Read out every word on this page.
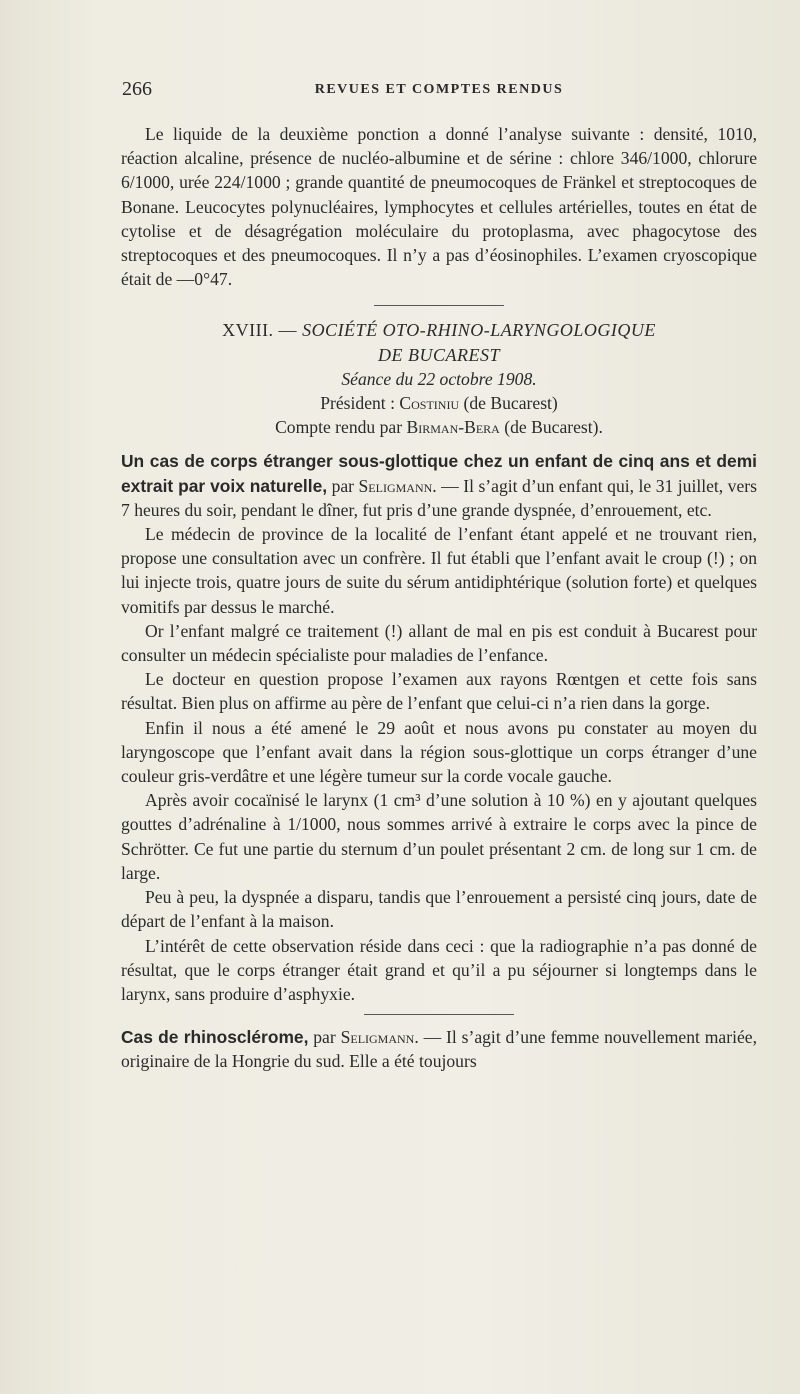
266	REVUES ET COMPTES RENDUS

Le liquide de la deuxième ponction a donné l’analyse suivante : densité, 1010, réaction alcaline, présence de nucléo-albumine et de sérine : chlore 346/1000, chlorure 6/1000, urée 224/1000 ; grande quantité de pneumocoques de Fränkel et streptocoques de Bonane. Leucocytes polynucléaires, lymphocytes et cellules artérielles, toutes en état de cytolise et de désagrégation moléculaire du protoplasma, avec phagocytose des streptocoques et des pneumocoques. Il n’y a pas d’éosinophiles. L’examen cryoscopique était de —0°47.

XVIII. — SOCIÉTÉ OTO-RHINO-LARYNGOLOGIQUE

DE BUCAREST

Séance du 22 octobre 1908.

Président : Costiniu (de Bucarest)

Compte rendu par Birman-Bera (de Bucarest).

Un cas de corps étranger sous-glottique chez un enfant de cinq ans et demi extrait par voix naturelle, par Seligmann. — Il s’agit d’un enfant qui, le 31 juillet, vers 7 heures du soir, pendant le dîner, fut pris d’une grande dyspnée, d’enrouement, etc.

Le médecin de province de la localité de l’enfant étant appelé et ne trouvant rien, propose une consultation avec un confrère. Il fut établi que l’enfant avait le croup (!) ; on lui injecte trois, quatre jours de suite du sérum antidiphtérique (solution forte) et quelques vomitifs par dessus le marché.

Or l’enfant malgré ce traitement (!) allant de mal en pis est conduit à Bucarest pour consulter un médecin spécialiste pour maladies de l’enfance.

Le docteur en question propose l’examen aux rayons Rœntgen et cette fois sans résultat. Bien plus on affirme au père de l’enfant que celui-ci n’a rien dans la gorge.

Enfin il nous a été amené le 29 août et nous avons pu constater au moyen du laryngoscope que l’enfant avait dans la région sous-glottique un corps étranger d’une couleur gris-verdâtre et une légère tumeur sur la corde vocale gauche.

Après avoir cocaïnisé le larynx (1 cm³ d’une solution à 10 %) en y ajoutant quelques gouttes d’adrénaline à 1/1000, nous sommes arrivé à extraire le corps avec la pince de Schrötter. Ce fut une partie du sternum d’un poulet présentant 2 cm. de long sur 1 cm. de large.

Peu à peu, la dyspnée a disparu, tandis que l’enrouement a persisté cinq jours, date de départ de l’enfant à la maison.

L’intérêt de cette observation réside dans ceci : que la radiographie n’a pas donné de résultat, que le corps étranger était grand et qu’il a pu séjourner si longtemps dans le larynx, sans produire d’asphyxie.

Cas de rhinosclérome, par Seligmann. — Il s’agit d’une femme nouvellement mariée, originaire de la Hongrie du sud. Elle a été toujours
